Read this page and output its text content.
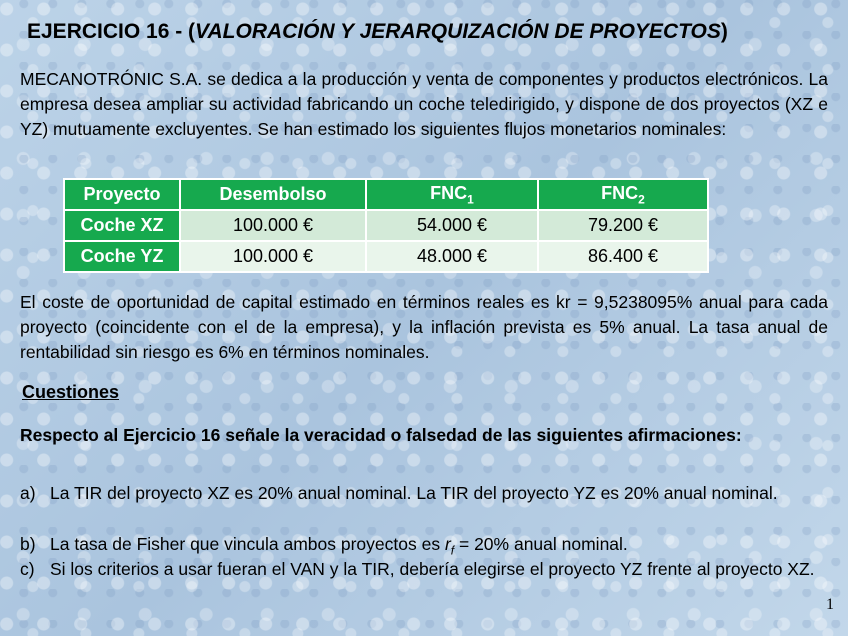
EJERCICIO 16 - (VALORACIÓN Y JERARQUIZACIÓN DE PROYECTOS)
MECANOTRÓNIC S.A. se dedica a la producción y venta de componentes y productos electrónicos. La empresa desea ampliar su actividad fabricando un coche teledirigido, y dispone de dos proyectos (XZ e YZ) mutuamente excluyentes. Se han estimado los siguientes flujos monetarios nominales:
Proyecto	Desembolso	$FNC_1$	$FNC_2$
Coche XZ	100.000 €	54.000 €	79.200 €
Coche YZ	100.000 €	48.000 €	86.400 €
El coste de oportunidad de capital estimado en términos reales es kr = 9,5238095% anual para cada proyecto (coincidente con el de la empresa), y la inflación prevista es 5% anual. La tasa anual de rentabilidad sin riesgo es 6% en términos nominales.
Cuestiones
Respecto al Ejercicio 16 señale la veracidad o falsedad de las siguientes afirmaciones:
a) La TIR del proyecto XZ es 20% anual nominal. La TIR del proyecto YZ es 20% anual nominal.
b) La tasa de Fisher que vincula ambos proyectos es $r_f = 20\%$ anual nominal.
c) Si los criterios a usar fueran el VAN y la TIR, debería elegirse el proyecto YZ frente al proyecto XZ.
1
